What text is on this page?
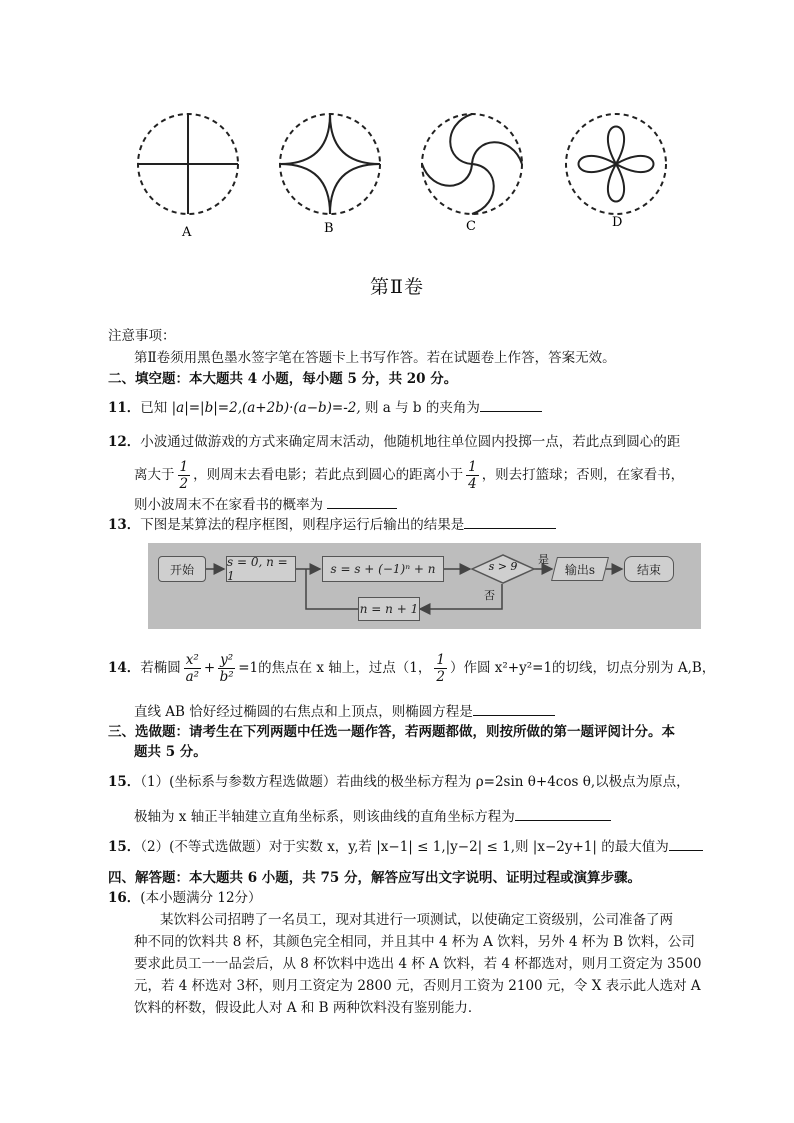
A	B	C	D
第Ⅱ卷
注意事项：
第Ⅱ卷须用黑色墨水签字笔在答题卡上书写作答。若在试题卷上作答，答案无效。
二、填空题：本大题共 4 小题，每小题 5 分，共 20 分。
11．已知 |a|=|b|=2,(a+2b)·(a−b)=-2, 则 a 与 b 的夹角为
12．小波通过做游戏的方式来确定周末活动，他随机地往单位圆内投掷一点，若此点到圆心的距
离大于 $\frac{1}{2}$ ，则周末去看电影；若此点到圆心的距离小于 $\frac{1}{4}$ ，则去打篮球；否则，在家看书，
则小波周末不在家看书的概率为
13．下图是某算法的程序框图，则程序运行后输出的结果是
开始
s = 0, n = 1	s = s + (−1)ⁿ + n	s > 9
是
否
输出s	结束
n = n + 1
14． 若椭圆 $\frac{\text{x²}}{\text{a²}} + \frac{\text{y²}}{\text{b²}} =1$的焦点在 x 轴上，过点（1， $\frac{1}{2}$ ）作圆 x²+y²=1的切线，切点分别为 A,B，
直线 AB 恰好经过椭圆的右焦点和上顶点，则椭圆方程是
三、选做题：请考生在下列两题中任选一题作答，若两题都做，则按所做的第一题评阅计分。本
题共 5 分。
15．（1）(坐标系与参数方程选做题）若曲线的极坐标方程为 ρ=2sin θ+4cos θ,以极点为原点，
极轴为 x 轴正半轴建立直角坐标系，则该曲线的直角坐标方程为
15．（2）(不等式选做题）对于实数 x，y,若 |x−1| ≤ 1,|y−2| ≤ 1,则 |x−2y+1| 的最大值为
四、解答题：本大题共 6 小题，共 75 分，解答应写出文字说明、证明过程或演算步骤。
16．(本小题满分 12分）
某饮料公司招聘了一名员工，现对其进行一项测试，以使确定工资级别，公司准备了两
种不同的饮料共 8 杯，其颜色完全相同，并且其中 4 杯为 A 饮料，另外 4 杯为 B 饮料，公司
要求此员工一一品尝后，从 8 杯饮料中选出 4 杯 A 饮料，若 4 杯都选对，则月工资定为 3500
元，若 4 杯选对 3杯，则月工资定为 2800 元，否则月工资为 2100 元，令 X 表示此人选对 A
饮料的杯数，假设此人对 A 和 B 两种饮料没有鉴别能力．
